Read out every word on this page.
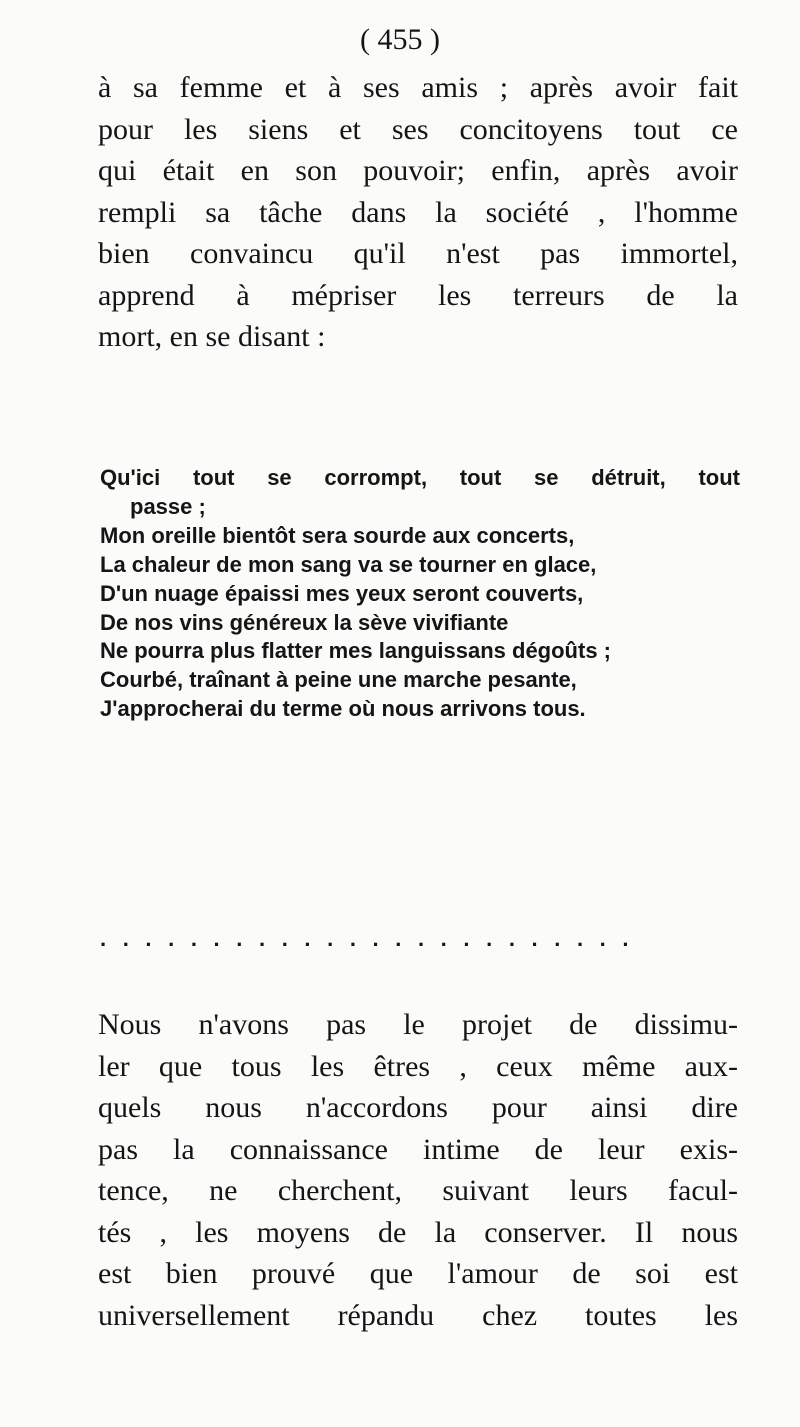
( 455 )
à sa femme et à ses amis ; après avoir fait
pour les siens et ses concitoyens tout ce
qui était en son pouvoir; enfin, après avoir
rempli sa tâche dans la société , l'homme
bien convaincu qu'il n'est pas immortel,
apprend à mépriser les terreurs de la
mort, en se disant :
Qu'ici tout se corrompt, tout se détruit, tout
passe ;
Mon oreille bientôt sera sourde aux concerts,
La chaleur de mon sang va se tourner en glace,
D'un nuage épaissi mes yeux seront couverts,
De nos vins généreux la sève vivifiante
Ne pourra plus flatter mes languissans dégoûts ;
Courbé, traînant à peine une marche pesante,
J'approcherai du terme où nous arrivons tous.
........................
Nous n'avons pas le projet de dissimu-
ler que tous les êtres , ceux même aux-
quels nous n'accordons pour ainsi dire
pas la connaissance intime de leur exis-
tence, ne cherchent, suivant leurs facul-
tés , les moyens de la conserver. Il nous
est bien prouvé que l'amour de soi est
universellement répandu chez toutes les
